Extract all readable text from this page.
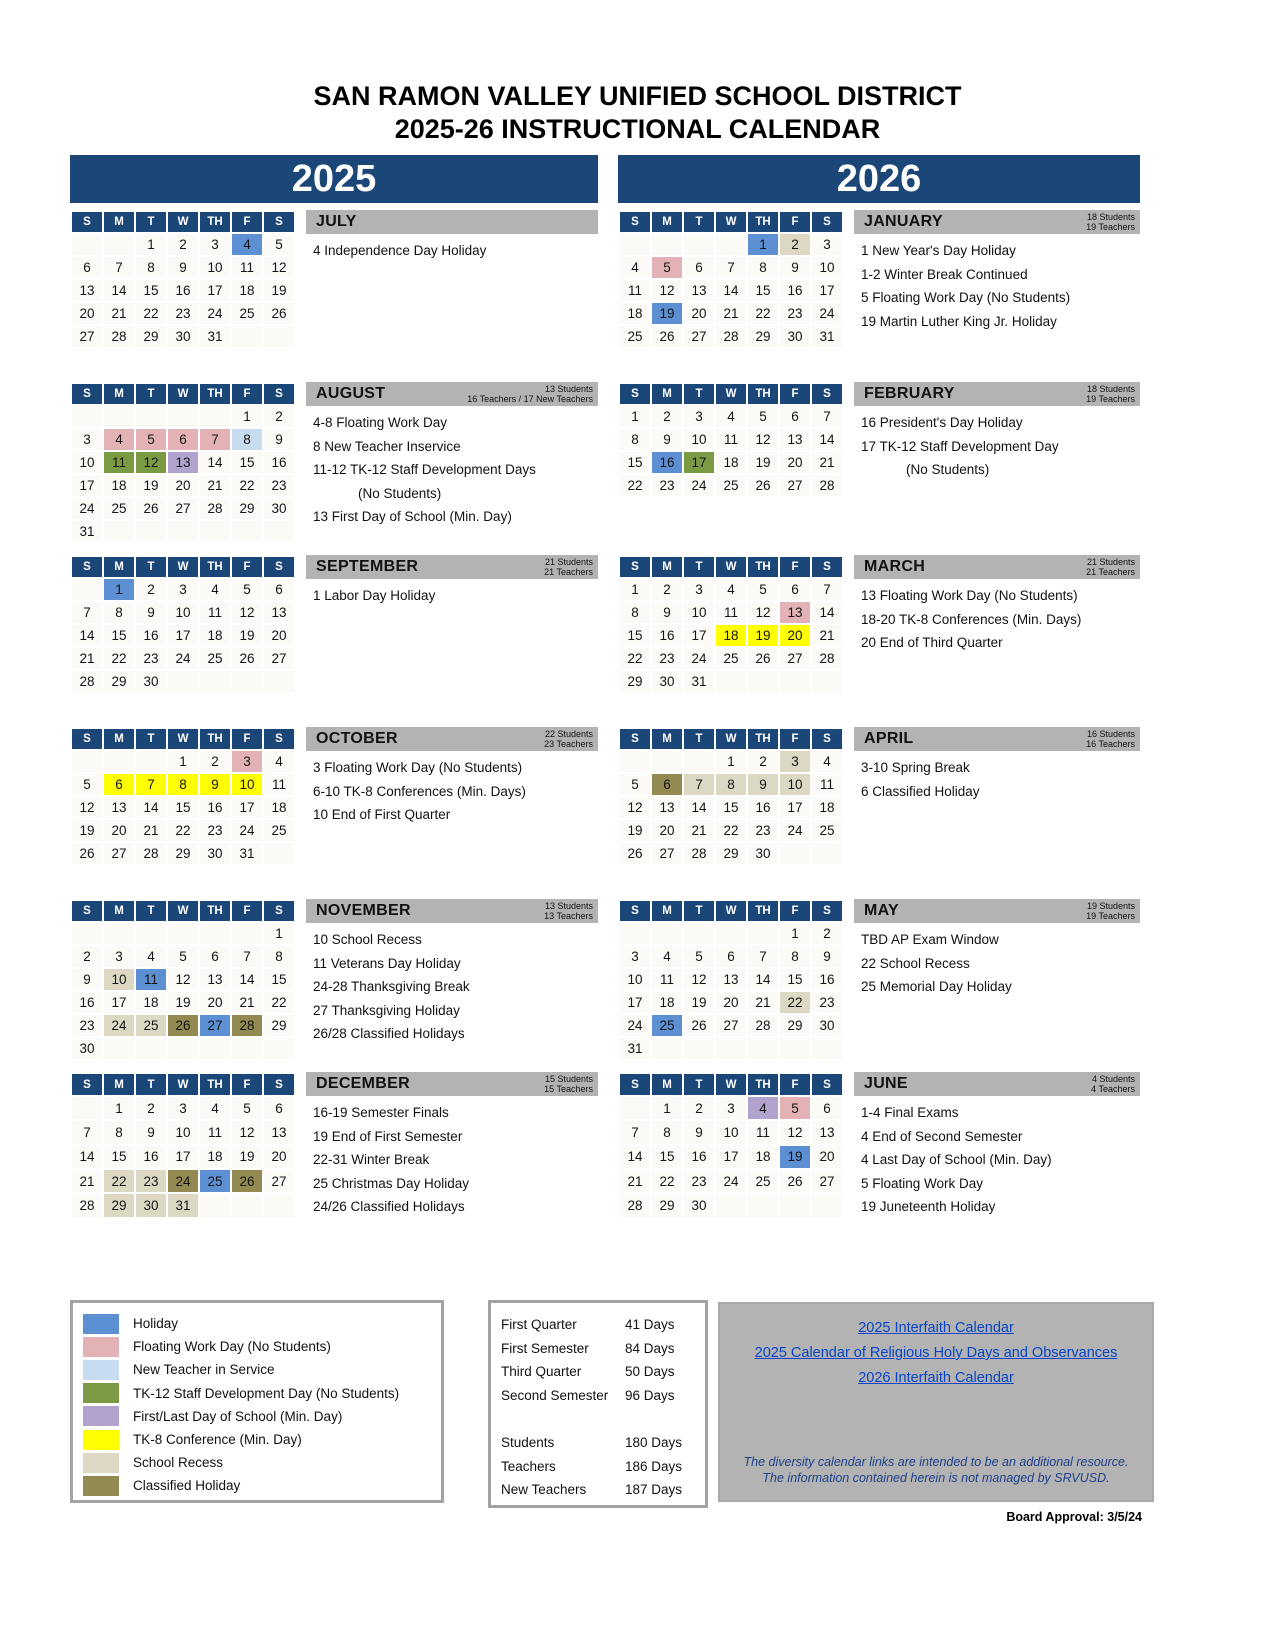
SAN RAMON VALLEY UNIFIED SCHOOL DISTRICT
2025-26 INSTRUCTIONAL CALENDAR
2025
S	M	T	W	TH	F	S
		1	2	3	4	5
6	7	8	9	10	11	12
13	14	15	16	17	18	19
20	21	22	23	24	25	26
27	28	29	30	31		
JULY
4 Independence Day Holiday
S	M	T	W	TH	F	S
					1	2
3	4	5	6	7	8	9
10	11	12	13	14	15	16
17	18	19	20	21	22	23
24	25	26	27	28	29	30
31						
AUGUST	13 Students
16 Teachers / 17 New Teachers
4-8 Floating Work Day
8 New Teacher Inservice
11-12 TK-12 Staff Development Days
(No Students)
13 First Day of School (Min. Day)
S	M	T	W	TH	F	S
	1	2	3	4	5	6
7	8	9	10	11	12	13
14	15	16	17	18	19	20
21	22	23	24	25	26	27
28	29	30				
SEPTEMBER	21 Students
21 Teachers
1 Labor Day Holiday
S	M	T	W	TH	F	S
			1	2	3	4
5	6	7	8	9	10	11
12	13	14	15	16	17	18
19	20	21	22	23	24	25
26	27	28	29	30	31	
OCTOBER	22 Students
23 Teachers
3 Floating Work Day (No Students)
6-10 TK-8 Conferences (Min. Days)
10 End of First Quarter
S	M	T	W	TH	F	S
						1
2	3	4	5	6	7	8
9	10	11	12	13	14	15
16	17	18	19	20	21	22
23	24	25	26	27	28	29
30						
NOVEMBER	13 Students
13 Teachers
10 School Recess
11 Veterans Day Holiday
24-28 Thanksgiving Break
27 Thanksgiving Holiday
26/28 Classified Holidays
S	M	T	W	TH	F	S
	1	2	3	4	5	6
7	8	9	10	11	12	13
14	15	16	17	18	19	20
21	22	23	24	25	26	27
28	29	30	31			
DECEMBER	15 Students
15 Teachers
16-19 Semester Finals
19 End of First Semester
22-31 Winter Break
25 Christmas Day Holiday
24/26 Classified Holidays
2026
S	M	T	W	TH	F	S
				1	2	3
4	5	6	7	8	9	10
11	12	13	14	15	16	17
18	19	20	21	22	23	24
25	26	27	28	29	30	31
JANUARY	18 Students
19 Teachers
1 New Year's Day Holiday
1-2 Winter Break Continued
5 Floating Work Day (No Students)
19 Martin Luther King Jr. Holiday
S	M	T	W	TH	F	S
1	2	3	4	5	6	7
8	9	10	11	12	13	14
15	16	17	18	19	20	21
22	23	24	25	26	27	28
FEBRUARY	18 Students
19 Teachers
16 President's Day Holiday
17 TK-12 Staff Development Day
(No Students)
S	M	T	W	TH	F	S
1	2	3	4	5	6	7
8	9	10	11	12	13	14
15	16	17	18	19	20	21
22	23	24	25	26	27	28
29	30	31				
MARCH	21 Students
21 Teachers
13 Floating Work Day (No Students)
18-20 TK-8 Conferences (Min. Days)
20 End of Third Quarter
S	M	T	W	TH	F	S
			1	2	3	4
5	6	7	8	9	10	11
12	13	14	15	16	17	18
19	20	21	22	23	24	25
26	27	28	29	30		
APRIL	16 Students
16 Teachers
3-10 Spring Break
6 Classified Holiday
S	M	T	W	TH	F	S
					1	2
3	4	5	6	7	8	9
10	11	12	13	14	15	16
17	18	19	20	21	22	23
24	25	26	27	28	29	30
31						
MAY	19 Students
19 Teachers
TBD AP Exam Window
22 School Recess
25 Memorial Day Holiday
S	M	T	W	TH	F	S
	1	2	3	4	5	6
7	8	9	10	11	12	13
14	15	16	17	18	19	20
21	22	23	24	25	26	27
28	29	30				
JUNE	4 Students
4 Teachers
1-4 Final Exams
4 End of Second Semester
4 Last Day of School (Min. Day)
5 Floating Work Day
19 Juneteenth Holiday
Holiday
Floating Work Day (No Students)
New Teacher in Service
TK-12 Staff Development Day (No Students)
First/Last Day of School (Min. Day)
TK-8 Conference (Min. Day)
School Recess
Classified Holiday
First Quarter	41 Days
First Semester	84 Days
Third Quarter	50 Days
Second Semester	96 Days
Students	180 Days
Teachers	186 Days
New Teachers	187 Days
2025 Interfaith Calendar
2025 Calendar of Religious Holy Days and Observances
2026 Interfaith Calendar
The diversity calendar links are intended to be an additional resource. The information contained herein is not managed by SRVUSD.
Board Approval: 3/5/24
